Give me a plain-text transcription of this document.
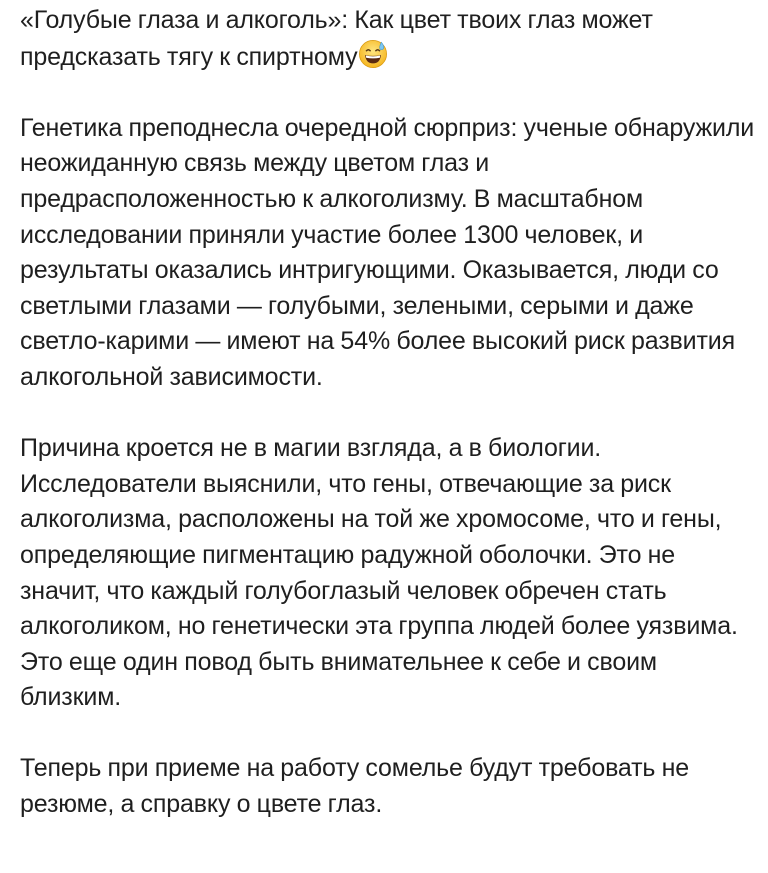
«Голубые глаза и алкоголь»: Как цвет твоих глаз может предсказать тягу к спиртному

Генетика преподнесла очередной сюрприз: ученые обнаружили неожиданную связь между цветом глаз и предрасположенностью к алкоголизму. В масштабном исследовании приняли участие более 1300 человек, и результаты оказались интригующими. Оказывается, люди со светлыми глазами — голубыми, зелеными, серыми и даже светло-карими — имеют на 54% более высокий риск развития алкогольной зависимости.

Причина кроется не в магии взгляда, а в биологии. Исследователи выяснили, что гены, отвечающие за риск алкоголизма, расположены на той же хромосоме, что и гены, определяющие пигментацию радужной оболочки. Это не значит, что каждый голубоглазый человек обречен стать алкоголиком, но генетически эта группа людей более уязвима. Это еще один повод быть внимательнее к себе и своим близким.

Теперь при приеме на работу сомелье будут требовать не резюме, а справку о цвете глаз.
